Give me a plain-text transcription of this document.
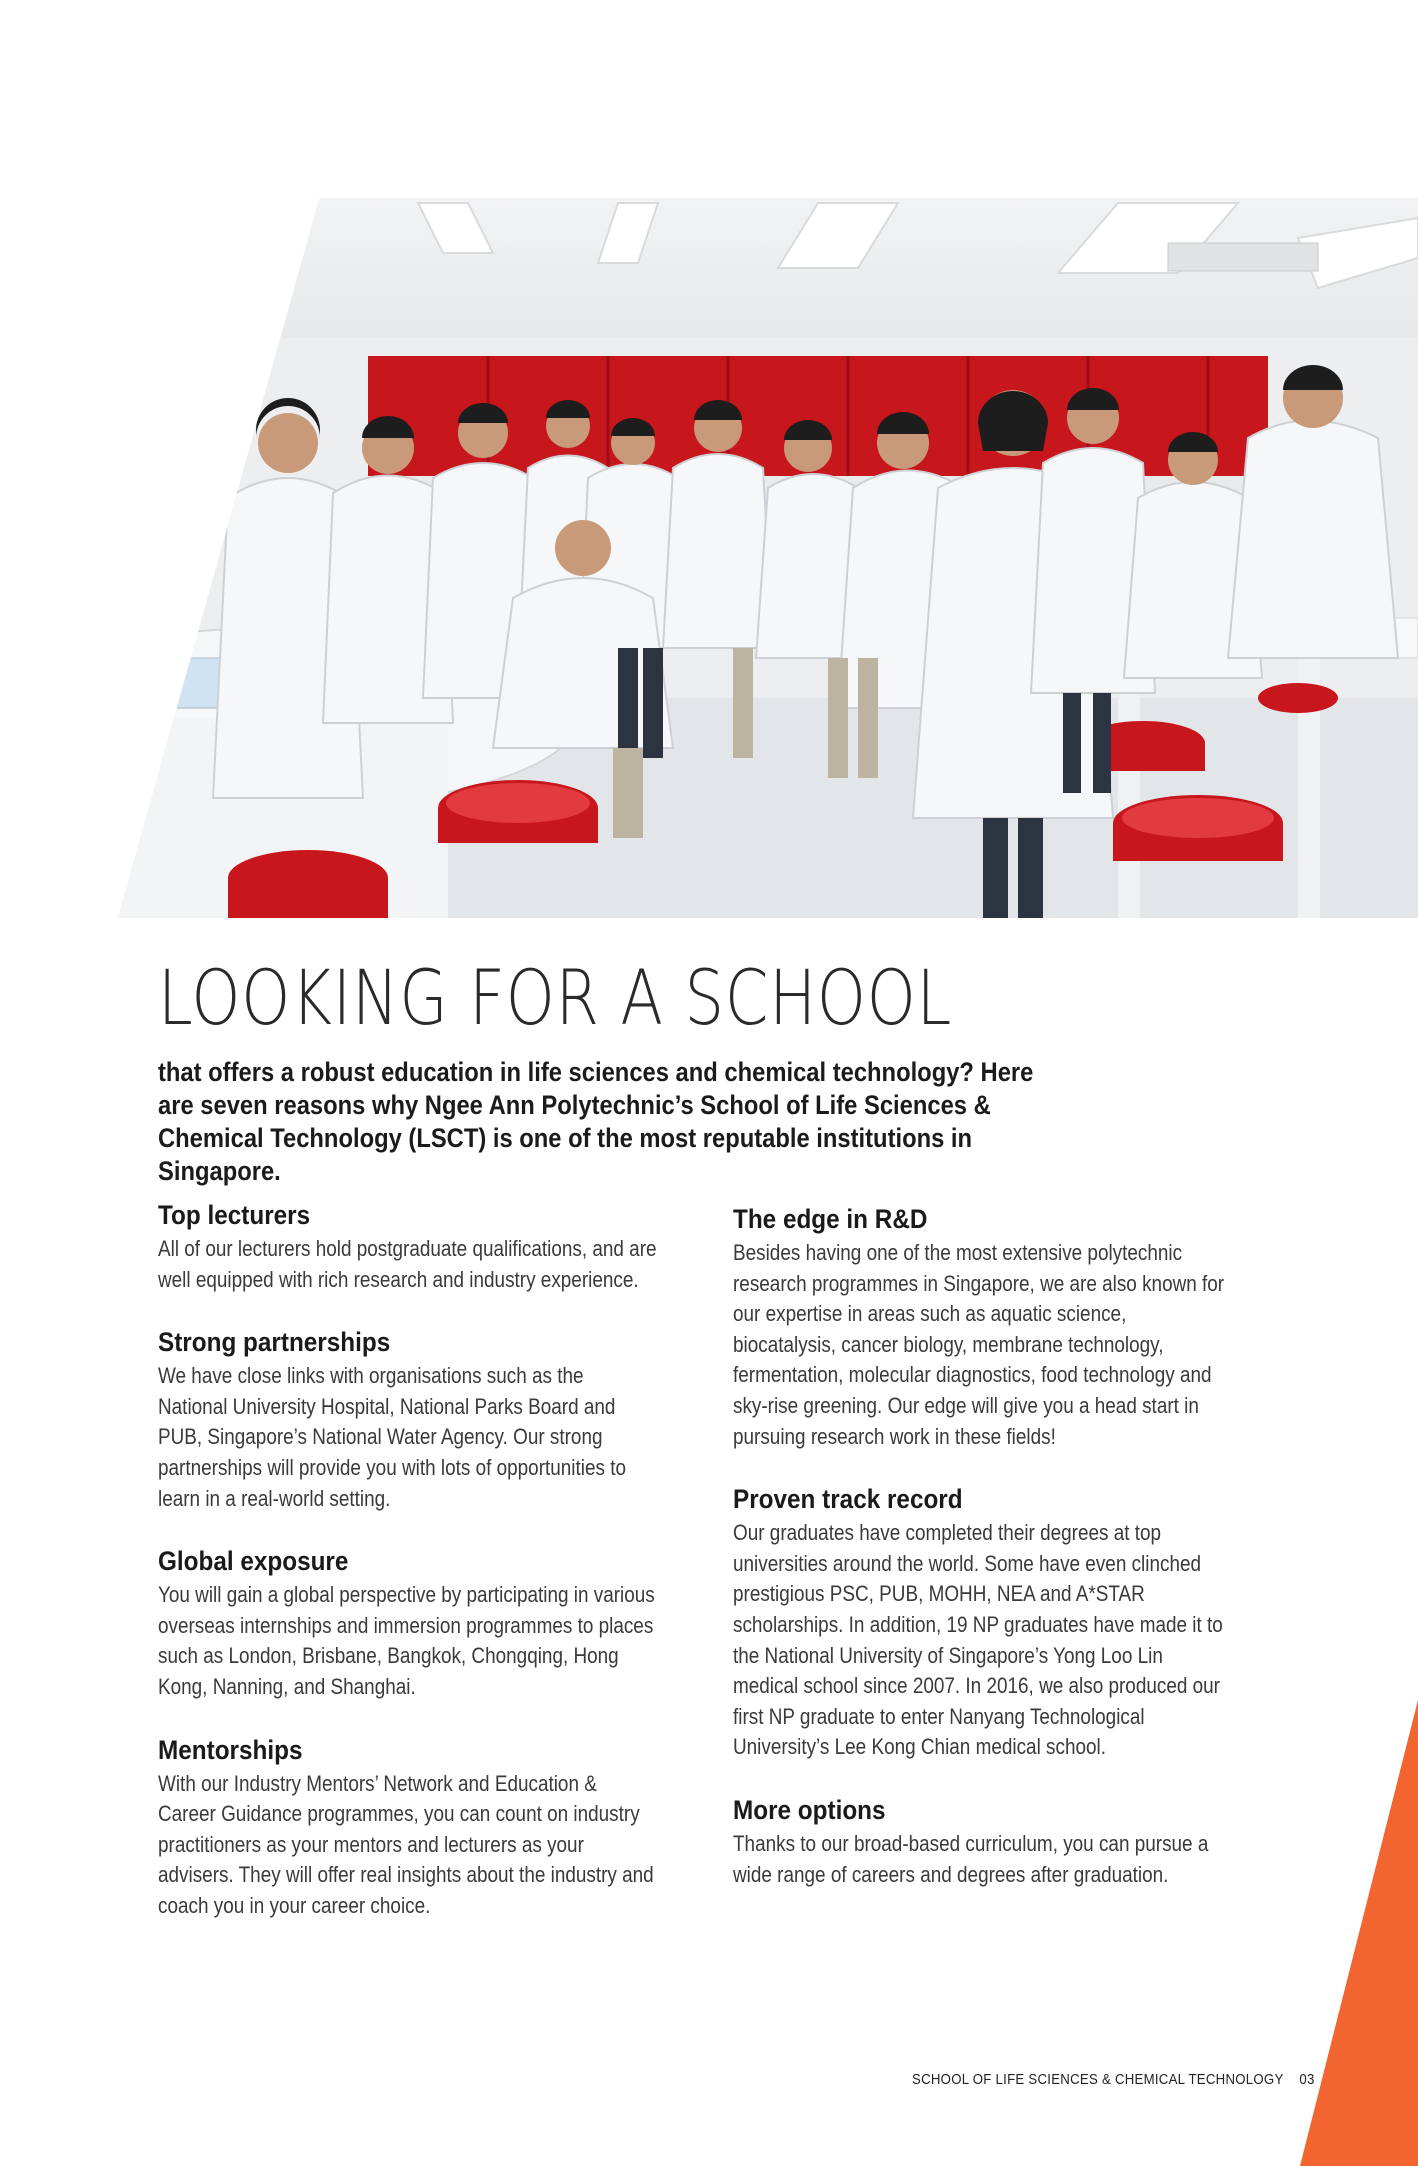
LOOKING FOR A SCHOOL

that offers a robust education in life sciences and chemical technology? Here are seven reasons why Ngee Ann Polytechnic’s School of Life Sciences & Chemical Technology (LSCT) is one of the most reputable institutions in Singapore.

Top lecturers

All of our lecturers hold postgraduate qualifications, and are well equipped with rich research and industry experience.

Strong partnerships

We have close links with organisations such as the National University Hospital, National Parks Board and PUB, Singapore’s National Water Agency. Our strong partnerships will provide you with lots of opportunities to learn in a real-world setting.

Global exposure

You will gain a global perspective by participating in various overseas internships and immersion programmes to places such as London, Brisbane, Bangkok, Chongqing, Hong Kong, Nanning, and Shanghai.

Mentorships

With our Industry Mentors’ Network and Education & Career Guidance programmes, you can count on industry practitioners as your mentors and lecturers as your advisers. They will offer real insights about the industry and coach you in your career choice.

The edge in R&D

Besides having one of the most extensive polytechnic research programmes in Singapore, we are also known for our expertise in areas such as aquatic science, biocatalysis, cancer biology, membrane technology, fermentation, molecular diagnostics, food technology and sky-rise greening. Our edge will give you a head start in pursuing research work in these fields!

Proven track record

Our graduates have completed their degrees at top universities around the world. Some have even clinched prestigious PSC, PUB, MOHH, NEA and A*STAR scholarships. In addition, 19 NP graduates have made it to the National University of Singapore’s Yong Loo Lin medical school since 2007. In 2016, we also produced our first NP graduate to enter Nanyang Technological University’s Lee Kong Chian medical school.

More options

Thanks to our broad-based curriculum, you can pursue a wide range of careers and degrees after graduation.

SCHOOL OF LIFE SCIENCES & CHEMICAL TECHNOLOGY 03
